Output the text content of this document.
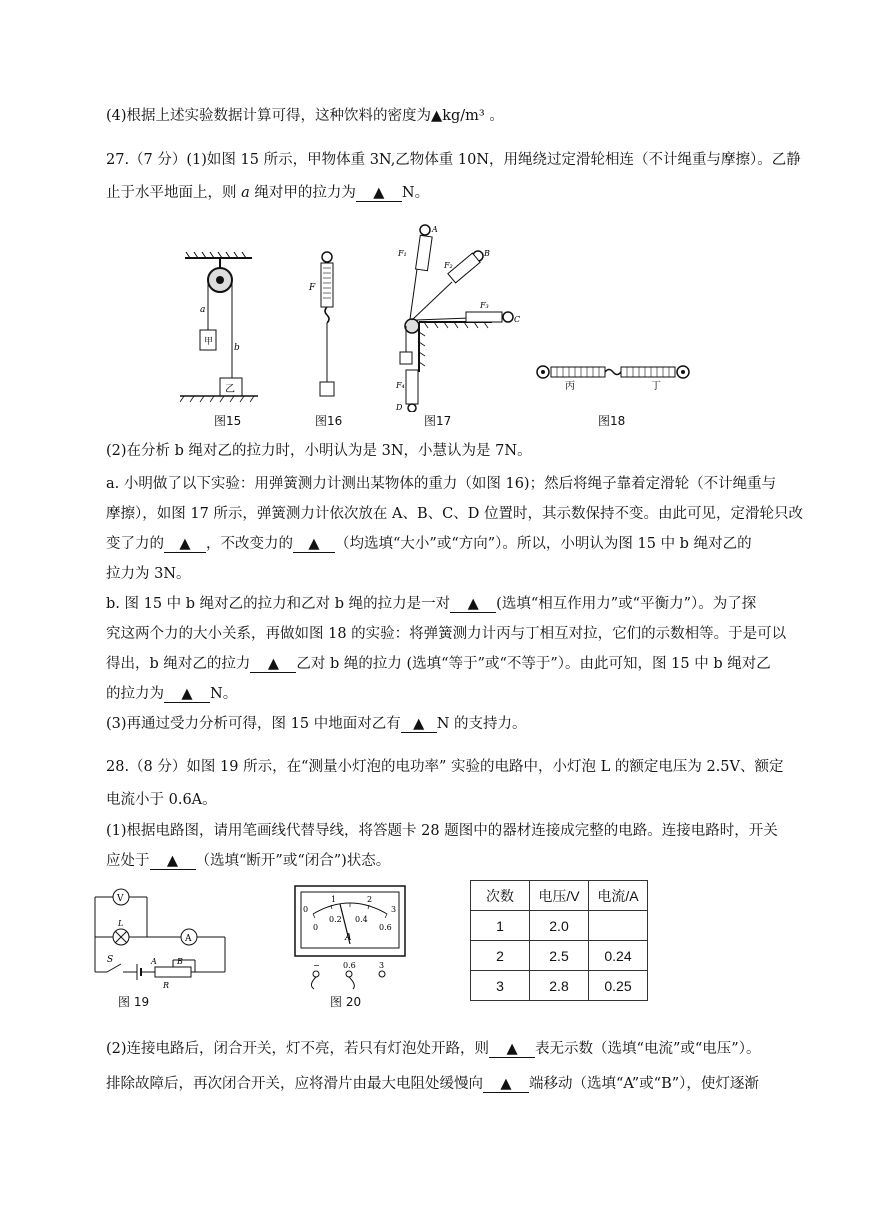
(4)根据上述实验数据计算可得，这种饮料的密度为▲kg/m³ 。
27.（7 分）(1)如图 15 所示，甲物体重 3N,乙物体重 10N，用绳绕过定滑轮相连（不计绳重与摩擦）。乙静
止于水平地面上，则 a 绳对甲的拉力为 ▲ N。
甲
乙
a
b
图15
F
图16
A
B
C
D
F₁
F₂
F₃
F₄
图17
丙	丁
图18
(2)在分析 b 绳对乙的拉力时，小明认为是 3N，小慧认为是 7N。
a. 小明做了以下实验：用弹簧测力计测出某物体的重力（如图 16)；然后将绳子靠着定滑轮（不计绳重与
摩擦），如图 17 所示，弹簧测力计依次放在 A、B、C、D 位置时，其示数保持不变。由此可见，定滑轮只改
变了力的 ▲ ，不改变力的 ▲ （均选填“大小”或“方向”）。所以，小明认为图 15 中 b 绳对乙的
拉力为 3N。
b. 图 15 中 b 绳对乙的拉力和乙对 b 绳的拉力是一对 ▲ (选填“相互作用力”或“平衡力”）。为了探
究这两个力的大小关系，再做如图 18 的实验：将弹簧测力计丙与丁相互对拉，它们的示数相等。于是可以
得出，b 绳对乙的拉力 ▲ 乙对 b 绳的拉力 (选填“等于”或“不等于”）。由此可知，图 15 中 b 绳对乙
的拉力为 ▲ N。
(3)再通过受力分析可得，图 15 中地面对乙有 ▲ N 的支持力。
28.（8 分）如图 19 所示，在“测量小灯泡的电功率” 实验的电路中，小灯泡 L 的额定电压为 2.5V、额定
电流小于 0.6A。
(1)根据电路图，请用笔画线代替导线，将答题卡 28 题图中的器材连接成完整的电路。连接电路时，开关
应处于 ▲ （选填“断开”或“闭合”)状态。
V
A
L
S	A	B
R
图 19
0
1	2
3
0
0.2 0.4
0.6
A
−	0.6	3
图 20
次数	电压/V	电流/A
1	2.0	
2	2.5	0.24
3	2.8	0.25
(2)连接电路后，闭合开关，灯不亮，若只有灯泡处开路，则 ▲ 表无示数（选填“电流”或“电压”）。
排除故障后，再次闭合开关，应将滑片由最大电阻处缓慢向 ▲ 端移动（选填“A”或“B”），使灯逐渐
